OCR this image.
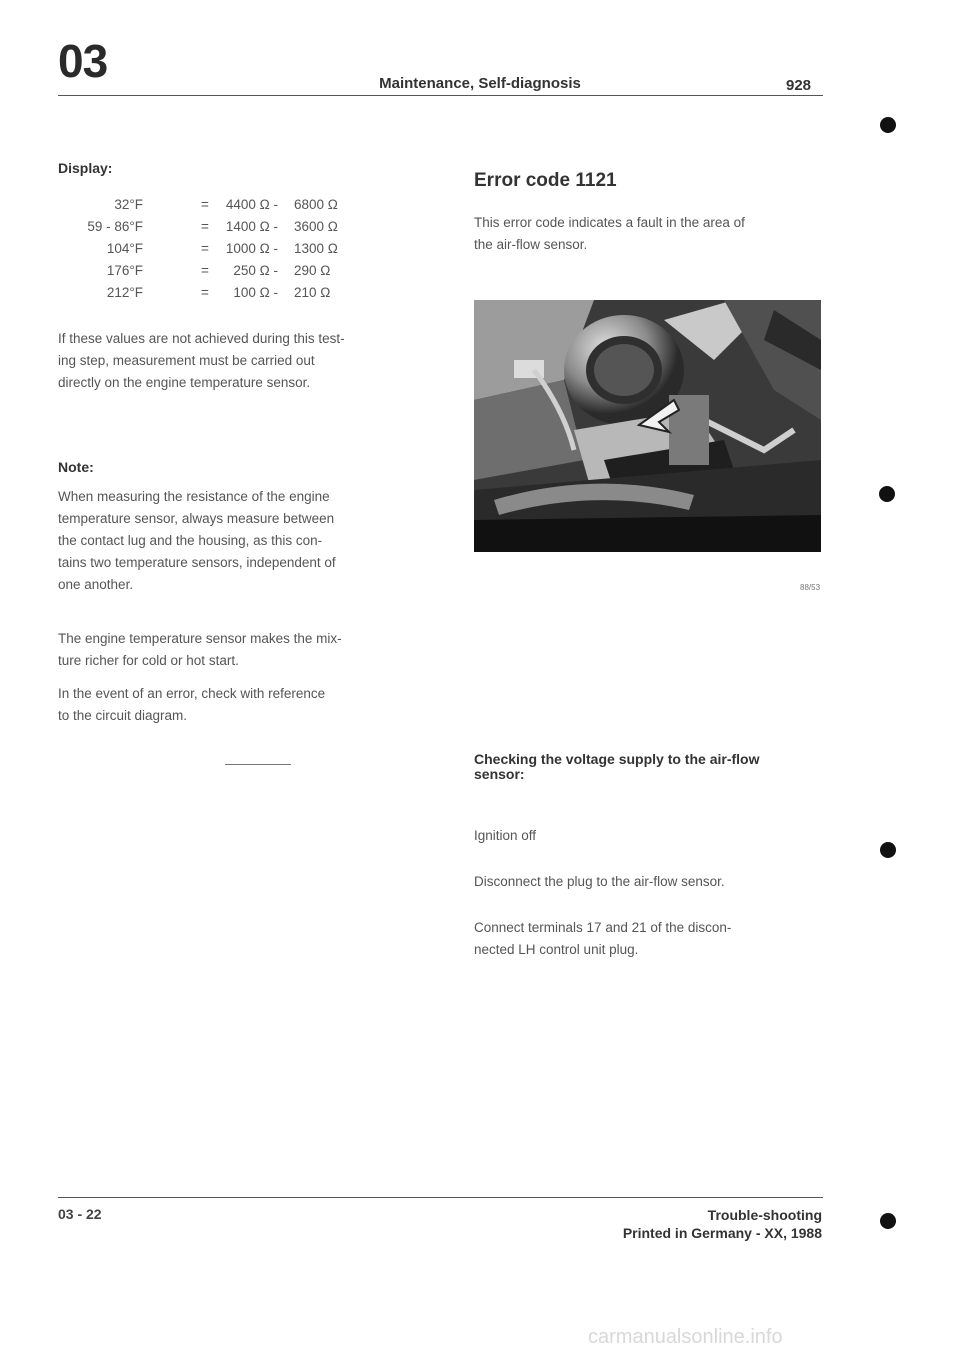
03	Maintenance, Self-diagnosis	928
Display:
32°F	= 4400 Ω - 6800 Ω
59 - 86°F	= 1400 Ω - 3600 Ω
104°F	= 1000 Ω - 1300 Ω
176°F	= 250 Ω - 290 Ω
212°F	= 100 Ω - 210 Ω
If these values are not achieved during this test-
ing step, measurement must be carried out
directly on the engine temperature sensor.
Note:
When measuring the resistance of the engine
temperature sensor, always measure between
the contact lug and the housing, as this con-
tains two temperature sensors, independent of
one another.
The engine temperature sensor makes the mix-
ture richer for cold or hot start.
In the event of an error, check with reference
to the circuit diagram.
Error code 1121
This error code indicates a fault in the area of
the air-flow sensor.
88/53
Checking the voltage supply to the air-flow
sensor:
Ignition off
Disconnect the plug to the air-flow sensor.
Connect terminals 17 and 21 of the discon-
nected LH control unit plug.
03 - 22	Trouble-shooting
Printed in Germany - XX, 1988
carmanualsonline.info
